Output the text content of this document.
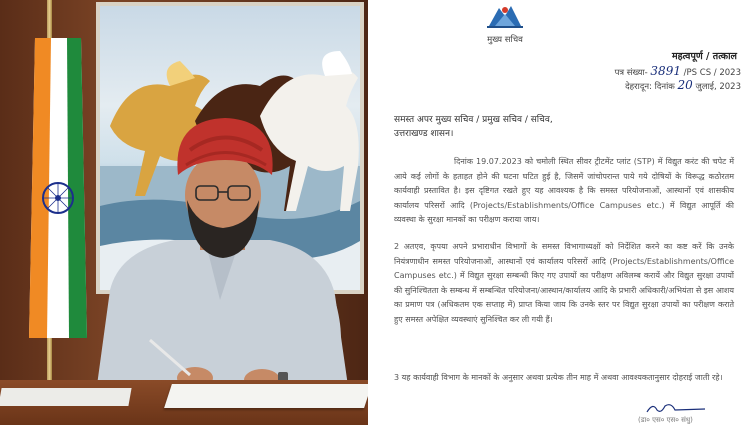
मुख्य सचिव
महत्वपूर्ण / तत्काल
पत्र संख्या- 3891 /PS CS / 2023
देहरादून: दिनांक 20 जुलाई, 2023
समस्त अपर मुख्य सचिव / प्रमुख सचिव / सचिव,
उत्तराखण्ड शासन।

दिनांक 19.07.2023 को चमोली स्थित सीवर ट्रीटमेंट प्लांट (STP) में विद्युत करंट की चपेट में आये कई लोगों के हताहत होने की घटना घटित हुई है, जिसमें जांचोपरान्त पाये गये दोषियों के विरूद्ध कठोरतम कार्यवाही प्रस्तावित है। इस दृष्टिगत रखते हुए यह आवश्यक है कि समस्त परियोजनाओं, आस्थानों एवं शासकीय कार्यालय परिसरों आदि (Projects/Establishments/Office Campuses etc.) में विद्युत आपूर्ति की व्यवस्था के सुरक्षा मानकों का परीक्षण कराया जाय।

2 अतएव, कृपया अपने प्रभाराधीन विभागों के समस्त विभागाध्यक्षों को निर्देशित करने का कष्ट करें कि उनके नियंत्रणाधीन समस्त परियोजनाओं, आस्थानों एवं कार्यालय परिसरों आदि (Projects/Establishments/Office Campuses etc.) में विद्युत सुरक्षा सम्बन्धी किए गए उपायों का परीक्षण अविलम्ब करायें और विद्युत सुरक्षा उपायों की सुनिश्चितता के सम्बन्ध में सम्बन्धित परियोजना/आस्थान/कार्यालय आदि के प्रभारी अधिकारी/अभियंता से इस आशय का प्रमाण पत्र (अधिकतम एक सप्ताह में) प्राप्त किया जाय कि उनके स्तर पर विद्युत सुरक्षा उपायों का परीक्षण कराते हुए समस्त अपेक्षित व्यवस्थाएं सुनिश्चित कर ली गयी हैं।

3 यह कार्यवाही विभाग के मानकों के अनुसार अथवा प्रत्येक तीन माह में अथवा आवश्यकतानुसार दोहराई जाती रहे।

(डा० एस० एस० संधु)
